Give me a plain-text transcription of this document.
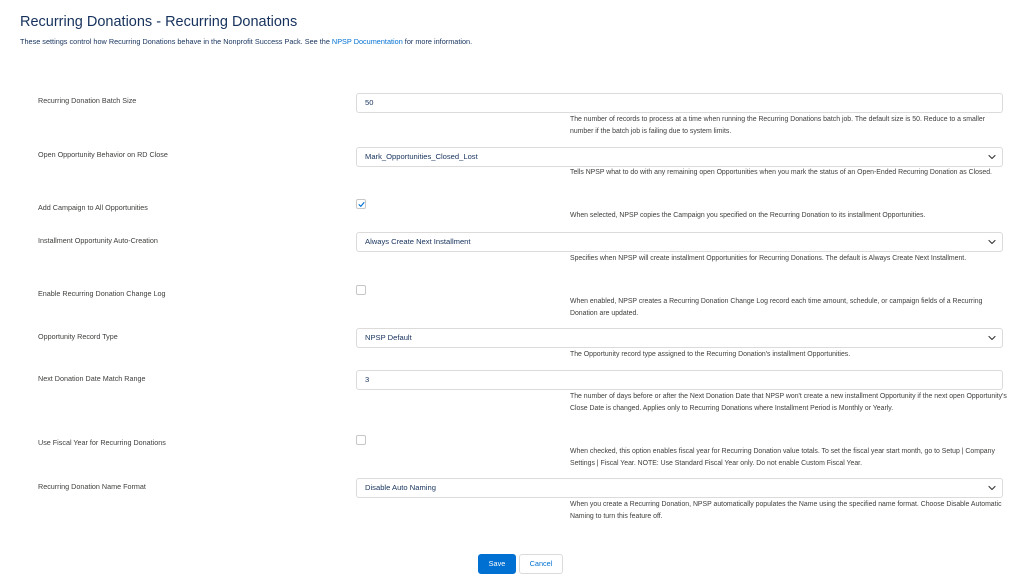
Recurring Donations - Recurring Donations
These settings control how Recurring Donations behave in the Nonprofit Success Pack. See the NPSP Documentation for more information.
Recurring Donation Batch Size	50
The number of records to process at a time when running the Recurring Donations batch job. The default size is 50. Reduce to a smaller number if the batch job is failing due to system limits.
Open Opportunity Behavior on RD Close	Mark_Opportunities_Closed_Lost
Tells NPSP what to do with any remaining open Opportunities when you mark the status of an Open-Ended Recurring Donation as Closed.
Add Campaign to All Opportunities
When selected, NPSP copies the Campaign you specified on the Recurring Donation to its installment Opportunities.
Installment Opportunity Auto-Creation	Always Create Next Installment
Specifies when NPSP will create installment Opportunities for Recurring Donations. The default is Always Create Next Installment.
Enable Recurring Donation Change Log
When enabled, NPSP creates a Recurring Donation Change Log record each time amount, schedule, or campaign fields of a Recurring Donation are updated.
Opportunity Record Type	NPSP Default
The Opportunity record type assigned to the Recurring Donation's installment Opportunities.
Next Donation Date Match Range	3
The number of days before or after the Next Donation Date that NPSP won't create a new installment Opportunity if the next open Opportunity's Close Date is changed. Applies only to Recurring Donations where Installment Period is Monthly or Yearly.
Use Fiscal Year for Recurring Donations
When checked, this option enables fiscal year for Recurring Donation value totals. To set the fiscal year start month, go to Setup | Company Settings | Fiscal Year. NOTE: Use Standard Fiscal Year only. Do not enable Custom Fiscal Year.
Recurring Donation Name Format	Disable Auto Naming
When you create a Recurring Donation, NPSP automatically populates the Name using the specified name format. Choose Disable Automatic Naming to turn this feature off.
Save	Cancel
